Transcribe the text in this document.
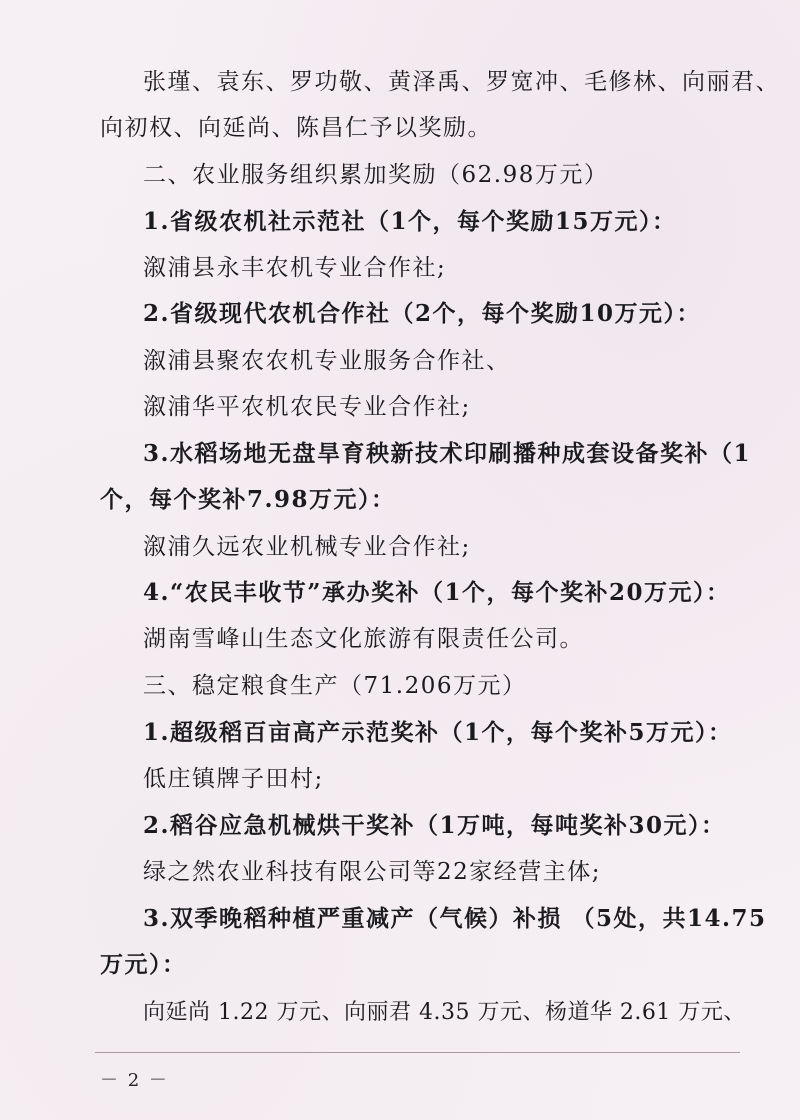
张瑾、袁东、罗功敬、黄泽禹、罗宽冲、毛修林、向丽君、
向初权、向延尚、陈昌仁予以奖励。
二、农业服务组织累加奖励（62.98万元）
1.省级农机社示范社（1个，每个奖励15万元）：
溆浦县永丰农机专业合作社;
2.省级现代农机合作社（2个，每个奖励10万元）：
溆浦县聚农农机专业服务合作社、
溆浦华平农机农民专业合作社;
3.水稻场地无盘旱育秧新技术印刷播种成套设备奖补（1
个，每个奖补7.98万元）：
溆浦久远农业机械专业合作社;
4.“农民丰收节”承办奖补（1个，每个奖补20万元）：
湖南雪峰山生态文化旅游有限责任公司。
三、稳定粮食生产（71.206万元）
1.超级稻百亩高产示范奖补（1个，每个奖补5万元）：
低庄镇牌子田村;
2.稻谷应急机械烘干奖补（1万吨，每吨奖补30元）：
绿之然农业科技有限公司等22家经营主体;
3.双季晚稻种植严重减产（气候）补损 （5处，共14.75
万元）：
向延尚 1.22 万元、向丽君 4.35 万元、杨道华 2.61 万元、
－ 2 －
